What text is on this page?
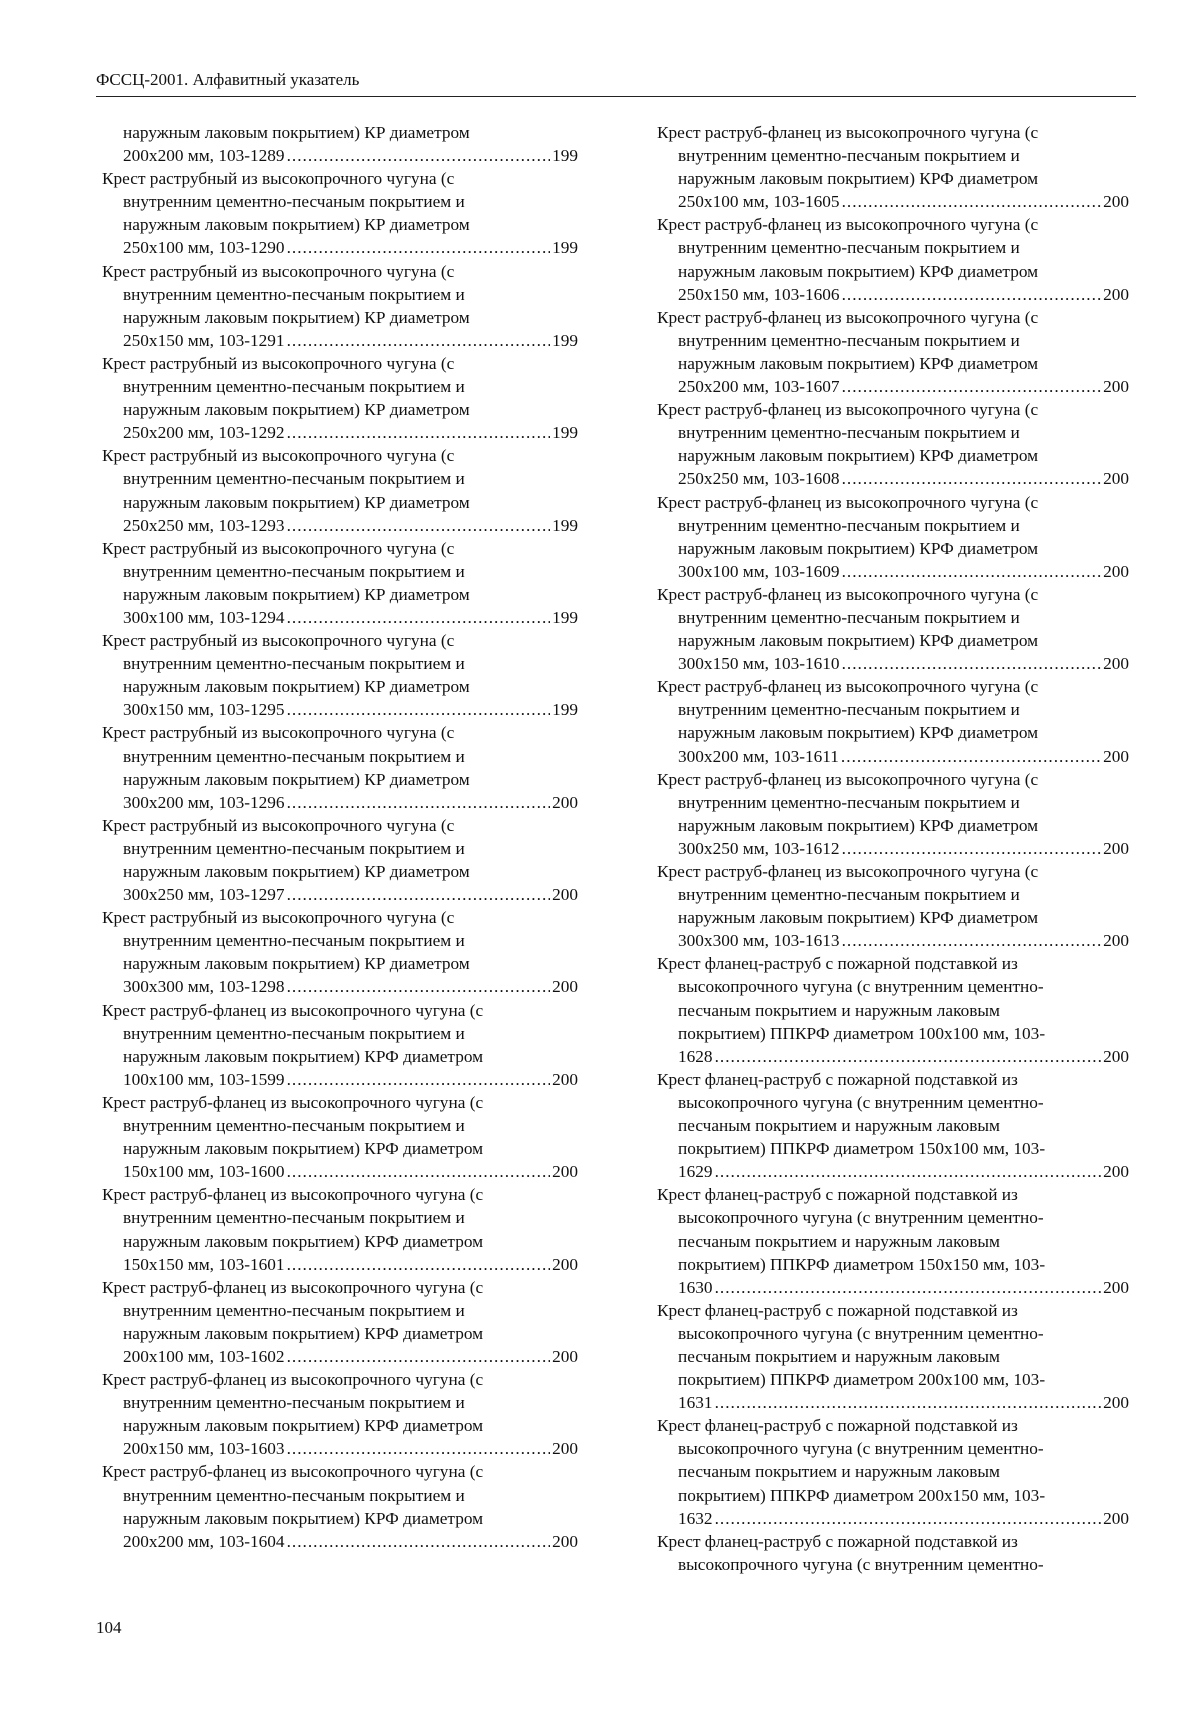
ФССЦ-2001. Алфавитный указатель
наружным лаковым покрытием) КР диаметром
200х200 мм, 103-1289 .....	199
Крест раструбный из высокопрочного чугуна (с
внутренним цементно-песчаным покрытием и
наружным лаковым покрытием) КР диаметром
250х100 мм, 103-1290 .....	199
Крест раструбный из высокопрочного чугуна (с
внутренним цементно-песчаным покрытием и
наружным лаковым покрытием) КР диаметром
250х150 мм, 103-1291 .....	199
Крест раструбный из высокопрочного чугуна (с
внутренним цементно-песчаным покрытием и
наружным лаковым покрытием) КР диаметром
250х200 мм, 103-1292 .....	199
Крест раструбный из высокопрочного чугуна (с
внутренним цементно-песчаным покрытием и
наружным лаковым покрытием) КР диаметром
250х250 мм, 103-1293 .....	199
Крест раструбный из высокопрочного чугуна (с
внутренним цементно-песчаным покрытием и
наружным лаковым покрытием) КР диаметром
300х100 мм, 103-1294 .....	199
Крест раструбный из высокопрочного чугуна (с
внутренним цементно-песчаным покрытием и
наружным лаковым покрытием) КР диаметром
300х150 мм, 103-1295 .....	199
Крест раструбный из высокопрочного чугуна (с
внутренним цементно-песчаным покрытием и
наружным лаковым покрытием) КР диаметром
300х200 мм, 103-1296 .....	200
Крест раструбный из высокопрочного чугуна (с
внутренним цементно-песчаным покрытием и
наружным лаковым покрытием) КР диаметром
300х250 мм, 103-1297 .....	200
Крест раструбный из высокопрочного чугуна (с
внутренним цементно-песчаным покрытием и
наружным лаковым покрытием) КР диаметром
300х300 мм, 103-1298 .....	200
Крест раструб-фланец из высокопрочного чугуна (с
внутренним цементно-песчаным покрытием и
наружным лаковым покрытием) КРФ диаметром
100х100 мм, 103-1599 .....	200
Крест раструб-фланец из высокопрочного чугуна (с
внутренним цементно-песчаным покрытием и
наружным лаковым покрытием) КРФ диаметром
150х100 мм, 103-1600 .....	200
Крест раструб-фланец из высокопрочного чугуна (с
внутренним цементно-песчаным покрытием и
наружным лаковым покрытием) КРФ диаметром
150х150 мм, 103-1601 .....	200
Крест раструб-фланец из высокопрочного чугуна (с
внутренним цементно-песчаным покрытием и
наружным лаковым покрытием) КРФ диаметром
200х100 мм, 103-1602 .....	200
Крест раструб-фланец из высокопрочного чугуна (с
внутренним цементно-песчаным покрытием и
наружным лаковым покрытием) КРФ диаметром
200х150 мм, 103-1603 .....	200
Крест раструб-фланец из высокопрочного чугуна (с
внутренним цементно-песчаным покрытием и
наружным лаковым покрытием) КРФ диаметром
200х200 мм, 103-1604 .....	200
Крест раструб-фланец из высокопрочного чугуна (с
внутренним цементно-песчаным покрытием и
наружным лаковым покрытием) КРФ диаметром
250х100 мм, 103-1605 .....	200
Крест раструб-фланец из высокопрочного чугуна (с
внутренним цементно-песчаным покрытием и
наружным лаковым покрытием) КРФ диаметром
250х150 мм, 103-1606 .....	200
Крест раструб-фланец из высокопрочного чугуна (с
внутренним цементно-песчаным покрытием и
наружным лаковым покрытием) КРФ диаметром
250х200 мм, 103-1607 .....	200
Крест раструб-фланец из высокопрочного чугуна (с
внутренним цементно-песчаным покрытием и
наружным лаковым покрытием) КРФ диаметром
250х250 мм, 103-1608 .....	200
Крест раструб-фланец из высокопрочного чугуна (с
внутренним цементно-песчаным покрытием и
наружным лаковым покрытием) КРФ диаметром
300х100 мм, 103-1609 .....	200
Крест раструб-фланец из высокопрочного чугуна (с
внутренним цементно-песчаным покрытием и
наружным лаковым покрытием) КРФ диаметром
300х150 мм, 103-1610 .....	200
Крест раструб-фланец из высокопрочного чугуна (с
внутренним цементно-песчаным покрытием и
наружным лаковым покрытием) КРФ диаметром
300х200 мм, 103-1611 .....	200
Крест раструб-фланец из высокопрочного чугуна (с
внутренним цементно-песчаным покрытием и
наружным лаковым покрытием) КРФ диаметром
300х250 мм, 103-1612 .....	200
Крест раструб-фланец из высокопрочного чугуна (с
внутренним цементно-песчаным покрытием и
наружным лаковым покрытием) КРФ диаметром
300х300 мм, 103-1613 .....	200
Крест фланец-раструб с пожарной подставкой из
высокопрочного чугуна (с внутренним цементно-
песчаным покрытием и наружным лаковым
покрытием) ППКРФ диаметром 100х100 мм, 103-
1628 .....	200
Крест фланец-раструб с пожарной подставкой из
высокопрочного чугуна (с внутренним цементно-
песчаным покрытием и наружным лаковым
покрытием) ППКРФ диаметром 150х100 мм, 103-
1629 .....	200
Крест фланец-раструб с пожарной подставкой из
высокопрочного чугуна (с внутренним цементно-
песчаным покрытием и наружным лаковым
покрытием) ППКРФ диаметром 150х150 мм, 103-
1630 .....	200
Крест фланец-раструб с пожарной подставкой из
высокопрочного чугуна (с внутренним цементно-
песчаным покрытием и наружным лаковым
покрытием) ППКРФ диаметром 200х100 мм, 103-
1631 .....	200
Крест фланец-раструб с пожарной подставкой из
высокопрочного чугуна (с внутренним цементно-
песчаным покрытием и наружным лаковым
покрытием) ППКРФ диаметром 200х150 мм, 103-
1632 .....	200
Крест фланец-раструб с пожарной подставкой из
высокопрочного чугуна (с внутренним цементно-
104
